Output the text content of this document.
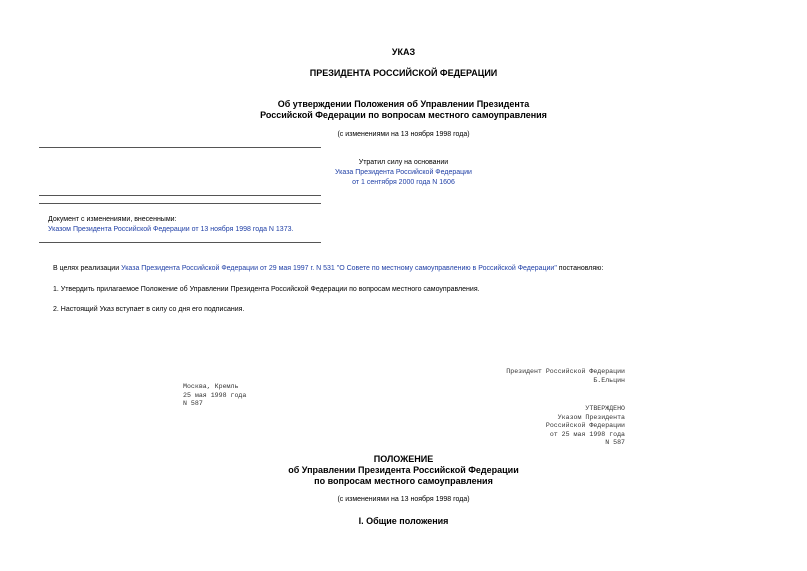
УКАЗ
ПРЕЗИДЕНТА РОССИЙСКОЙ ФЕДЕРАЦИИ
Об утверждении Положения об Управлении Президента
Российской Федерации по вопросам местного самоуправления
(с изменениями на 13 ноября 1998 года)
Утратил силу на основании
Указа Президента Российской Федерации
от 1 сентября 2000 года N 1606
Документ с изменениями, внесенными:
Указом Президента Российской Федерации от 13 ноября 1998 года N 1373.
В целях реализации Указа Президента Российской Федерации от 29 мая 1997 г. N 531 "О Совете по местному самоуправлению в Российской Федерации" постановляю:
1. Утвердить прилагаемое Положение об Управлении Президента Российской Федерации по вопросам местного самоуправления.
2. Настоящий Указ вступает в силу со дня его подписания.
Президент Российской Федерации
Б.Ельцин
Москва, Кремль
25 мая 1998 года
N 587
УТВЕРЖДЕНО
Указом Президента
Российской Федерации
от 25 мая 1998 года
N 587
ПОЛОЖЕНИЕ
об Управлении Президента Российской Федерации
по вопросам местного самоуправления
(с изменениями на 13 ноября 1998 года)
I. Общие положения
